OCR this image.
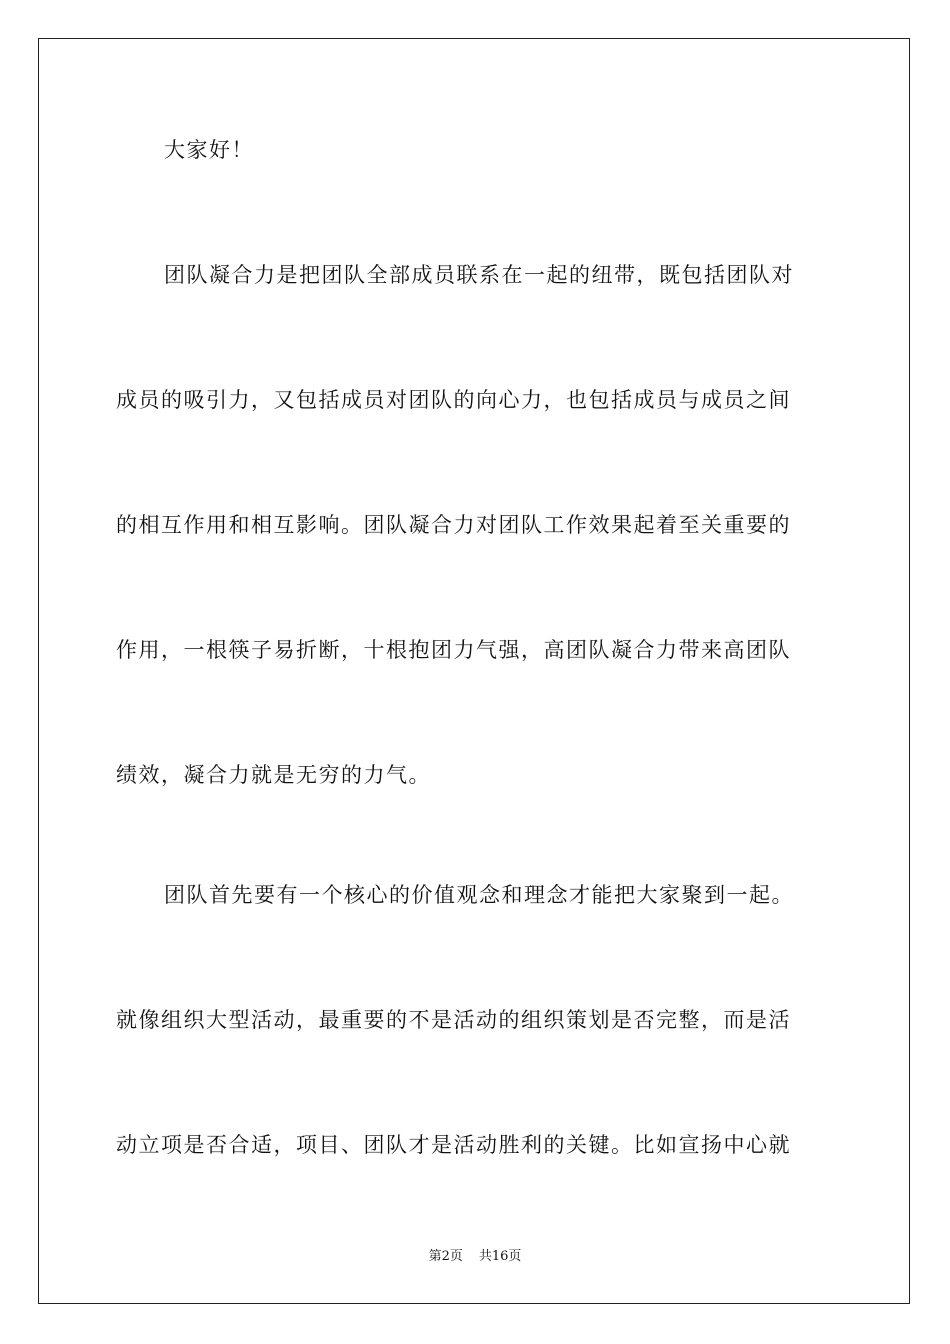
大家好！
团队凝合力是把团队全部成员联系在一起的纽带，既包括团队对
成员的吸引力，又包括成员对团队的向心力，也包括成员与成员之间
的相互作用和相互影响。团队凝合力对团队工作效果起着至关重要的
作用，一根筷子易折断，十根抱团力气强，高团队凝合力带来高团队
绩效，凝合力就是无穷的力气。
团队首先要有一个核心的价值观念和理念才能把大家聚到一起。
就像组织大型活动，最重要的不是活动的组织策划是否完整，而是活
动立项是否合适，项目、团队才是活动胜利的关键。比如宣扬中心就
第2页 共16页
